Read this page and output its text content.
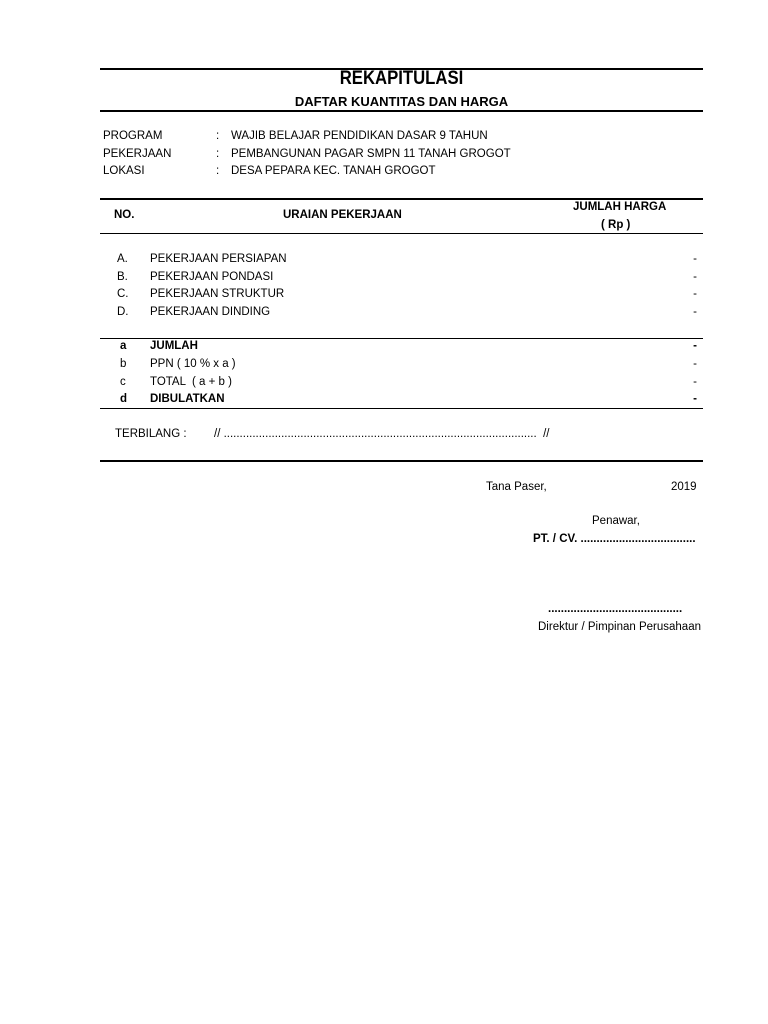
REKAPITULASI
DAFTAR KUANTITAS DAN HARGA
PROGRAM	: WAJIB BELAJAR PENDIDIKAN DASAR 9 TAHUN
PEKERJAAN	: PEMBANGUNAN PAGAR SMPN 11 TANAH GROGOT
LOKASI	: DESA PEPARA KEC. TANAH GROGOT
NO.	URAIAN PEKERJAAN
JUMLAH HARGA
( Rp )
A. PEKERJAAN PERSIAPAN	-
B. PEKERJAAN PONDASI	-
C. PEKERJAAN STRUKTUR	-
D. PEKERJAAN DINDING	-
a JUMLAH	-
b PPN ( 10 % x a )	-
c TOTAL  ( a + b )	-
d DIBULATKAN	-
TERBILANG : // ..................................................................................................  //
Tana Paser,	2019
Penawar,
PT. / CV. ....................................
..........................................
Direktur / Pimpinan Perusahaan
